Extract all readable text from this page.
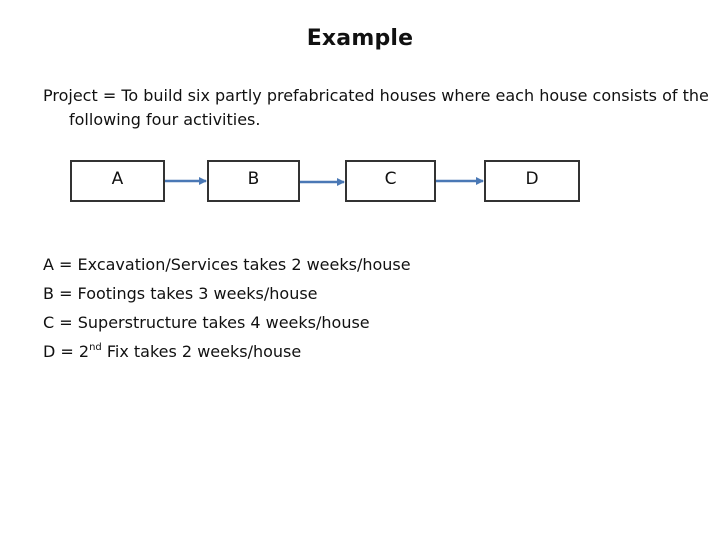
Example

Project = To build six partly prefabricated houses where each house consists of the following four activities.

A	B	C	D
A = Excavation/Services takes 2 weeks/house
B = Footings takes 3 weeks/house
C = Superstructure takes 4 weeks/house
D = 2nd Fix takes 2 weeks/house
